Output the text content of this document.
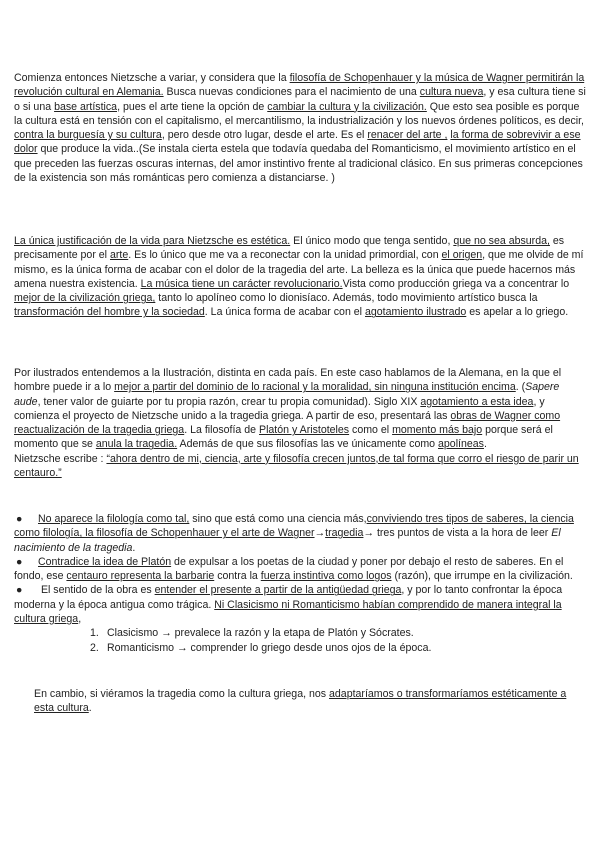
Comienza entonces Nietzsche a variar, y considera que la filosofía de Schopenhauer y la música de Wagner permitirán la revolución cultural en Alemania. Busca nuevas condiciones para el nacimiento de una cultura nueva, y esa cultura tiene si o si una base artística, pues el arte tiene la opción de cambiar la cultura y la civilización. Que esto sea posible es porque la cultura está en tensión con el capitalismo, el mercantilismo, la industrialización y los nuevos órdenes políticos, es decir, contra la burguesía y su cultura, pero desde otro lugar, desde el arte. Es el renacer del arte , la forma de sobrevivir a ese dolor que produce la vida..(Se instala cierta estela que todavía quedaba del Romanticismo, el movimiento artístico en el que preceden las fuerzas oscuras internas, del amor instintivo frente al tradicional clásico. En sus primeras concepciones de la existencia son más románticas pero comienza a distanciarse. )

La única justificación de la vida para Nietzsche es estética. El único modo que tenga sentido, que no sea absurda, es precisamente por el arte. Es lo único que me va a reconectar con la unidad primordial, con el origen, que me olvide de mí mismo, es la única forma de acabar con el dolor de la tragedia del arte. La belleza es la única que puede hacernos más amena nuestra existencia. La música tiene un carácter revolucionario.Vista como producción griega va a concentrar lo mejor de la civilización griega, tanto lo apolíneo como lo dionisíaco. Además, todo movimiento artístico busca la transformación del hombre y la sociedad. La única forma de acabar con el agotamiento ilustrado es apelar a lo griego.

Por ilustrados entendemos a la Ilustración, distinta en cada país. En este caso hablamos de la Alemana, en la que el hombre puede ir a lo mejor a partir del dominio de lo racional y la moralidad, sin ninguna institución encima. (Sapere aude, tener valor de guiarte por tu propia razón, crear tu propia comunidad). Siglo XIX agotamiento a esta idea, y comienza el proyecto de Nietzsche unido a la tragedia griega. A partir de eso, presentará las obras de Wagner como reactualización de la tragedia griega. La filosofía de Platón y Aristoteles como el momento más bajo porque será el momento que se anula la tragedia. Además de que sus filosofías las ve únicamente como apolíneas.
Nietzsche escribe : “ahora dentro de mi, ciencia, arte y filosofía crecen juntos,de tal forma que corro el riesgo de parir un centauro.”

● No aparece la filología como tal, sino que está como una ciencia más,conviviendo tres tipos de saberes, la ciencia como filología, la filosofía de Schopenhauer y el arte de Wagner→tragedia→ tres puntos de vista a la hora de leer El nacimiento de la tragedia.
● Contradice la idea de Platón de expulsar a los poetas de la ciudad y poner por debajo el resto de saberes. En el fondo, ese centauro representa la barbarie contra la fuerza instintiva como logos (razón), que irrumpe en la civilización.
● El sentido de la obra es entender el presente a partir de la antigüedad griega, y por lo tanto confrontar la época moderna y la época antigua como trágica. Ni Clasicismo ni Romanticismo habían comprendido de manera integral la cultura griega,
1. Clasicismo → prevalece la razón y la etapa de Platón y Sócrates.
2. Romanticismo → comprender lo griego desde unos ojos de la época.

En cambio, si viéramos la tragedia como la cultura griega, nos adaptaríamos o transformaríamos estéticamente a esta cultura.
